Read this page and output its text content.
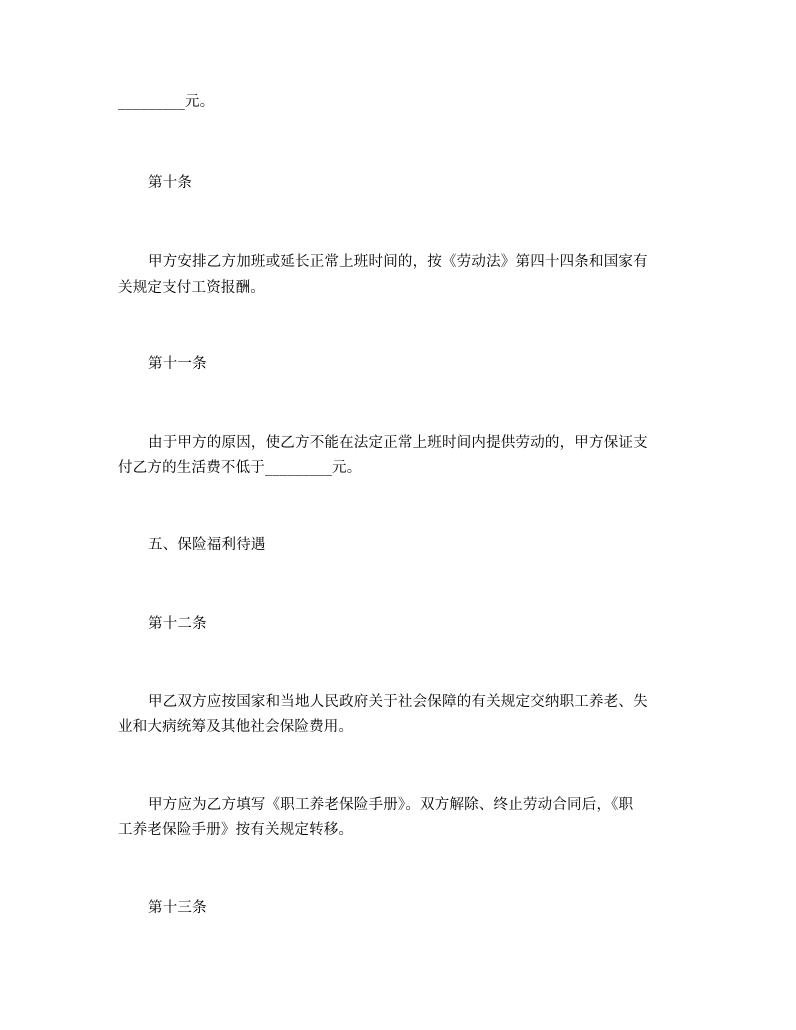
_________元。
第十条
甲方安排乙方加班或延长正常上班时间的，按《劳动法》第四十四条和国家有
关规定支付工资报酬。
第十一条
由于甲方的原因，使乙方不能在法定正常上班时间内提供劳动的，甲方保证支
付乙方的生活费不低于_________元。
五、保险福利待遇
第十二条
甲乙双方应按国家和当地人民政府关于社会保障的有关规定交纳职工养老、失
业和大病统筹及其他社会保险费用。
甲方应为乙方填写《职工养老保险手册》。双方解除、终止劳动合同后，《职
工养老保险手册》按有关规定转移。
第十三条
